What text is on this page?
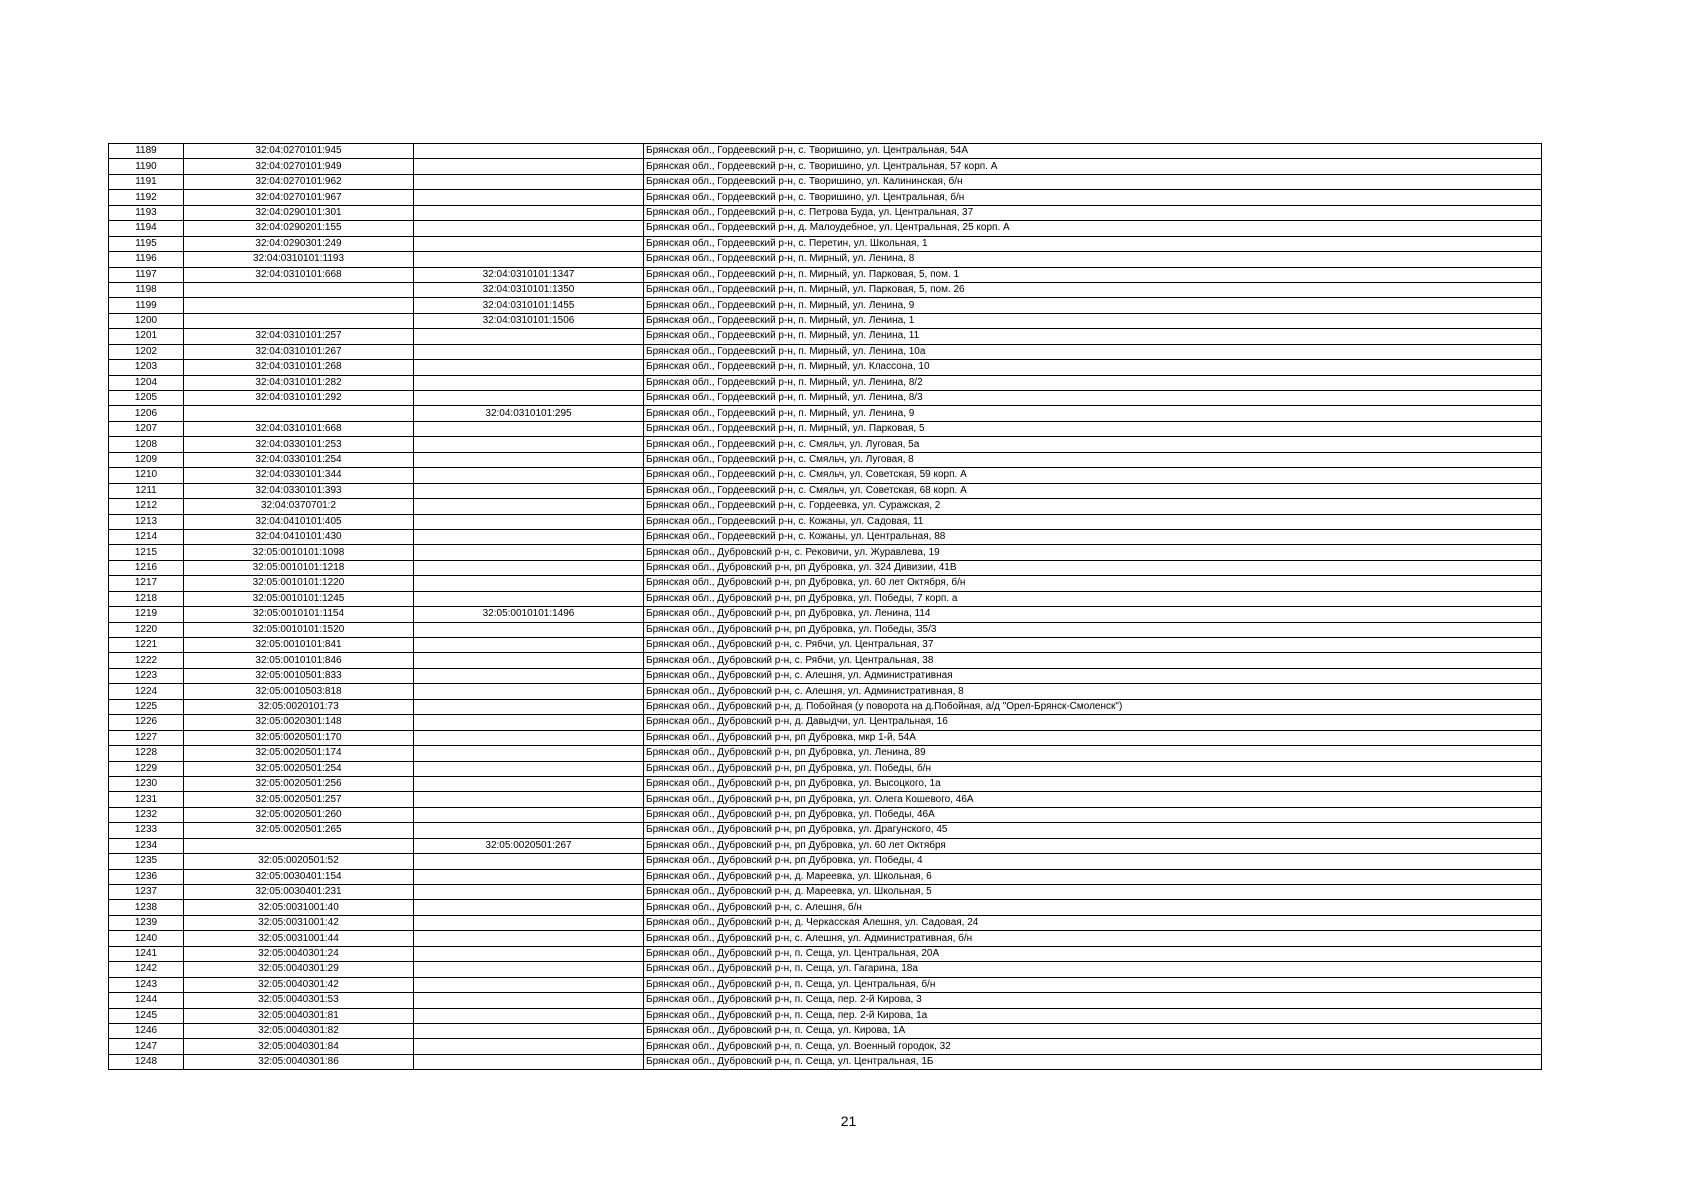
1189	32:04:0270101:945		Брянская обл., Гордеевский р-н, с. Творишино, ул. Центральная, 54А
1190	32:04:0270101:949		Брянская обл., Гордеевский р-н, с. Творишино, ул. Центральная, 57 корп. А
1191	32:04:0270101:962		Брянская обл., Гордеевский р-н, с. Творишино, ул. Калининская, б/н
1192	32:04:0270101:967		Брянская обл., Гордеевский р-н, с. Творишино, ул. Центральная, б/н
1193	32:04:0290101:301		Брянская обл., Гордеевский р-н, с. Петрова Буда, ул. Центральная, 37
1194	32:04:0290201:155		Брянская обл., Гордеевский р-н, д. Малоудебное, ул. Центральная, 25 корп. А
1195	32:04:0290301:249		Брянская обл., Гордеевский р-н, с. Перетин, ул. Школьная, 1
1196	32:04:0310101:1193		Брянская обл., Гордеевский р-н, п. Мирный, ул. Ленина, 8
1197	32:04:0310101:668	32:04:0310101:1347	Брянская обл., Гордеевский р-н, п. Мирный, ул. Парковая, 5, пом. 1
1198		32:04:0310101:1350	Брянская обл., Гордеевский р-н, п. Мирный, ул. Парковая, 5, пом. 26
1199		32:04:0310101:1455	Брянская обл., Гордеевский р-н, п. Мирный, ул. Ленина, 9
1200		32:04:0310101:1506	Брянская обл., Гордеевский р-н, п. Мирный, ул. Ленина, 1
1201	32:04:0310101:257		Брянская обл., Гордеевский р-н, п. Мирный, ул. Ленина, 11
1202	32:04:0310101:267		Брянская обл., Гордеевский р-н, п. Мирный, ул. Ленина, 10а
1203	32:04:0310101:268		Брянская обл., Гордеевский р-н, п. Мирный, ул. Классона, 10
1204	32:04:0310101:282		Брянская обл., Гордеевский р-н, п. Мирный, ул. Ленина, 8/2
1205	32:04:0310101:292		Брянская обл., Гордеевский р-н, п. Мирный, ул. Ленина, 8/3
1206		32:04:0310101:295	Брянская обл., Гордеевский р-н, п. Мирный, ул. Ленина, 9
1207	32:04:0310101:668		Брянская обл., Гордеевский р-н, п. Мирный, ул. Парковая, 5
1208	32:04:0330101:253		Брянская обл., Гордеевский р-н, с. Смяльч, ул. Луговая, 5а
1209	32:04:0330101:254		Брянская обл., Гордеевский р-н, с. Смяльч, ул. Луговая, 8
1210	32:04:0330101:344		Брянская обл., Гордеевский р-н, с. Смяльч, ул. Советская, 59 корп. А
1211	32:04:0330101:393		Брянская обл., Гордеевский р-н, с. Смяльч, ул. Советская, 68 корп. А
1212	32:04:0370701:2		Брянская обл., Гордеевский р-н, с. Гордеевка, ул. Суражская, 2
1213	32:04:0410101:405		Брянская обл., Гордеевский р-н, с. Кожаны, ул. Садовая, 11
1214	32:04:0410101:430		Брянская обл., Гордеевский р-н, с. Кожаны, ул. Центральная, 88
1215	32:05:0010101:1098		Брянская обл., Дубровский р-н, с. Рековичи, ул. Журавлева, 19
1216	32:05:0010101:1218		Брянская обл., Дубровский р-н, рп Дубровка, ул. 324 Дивизии, 41В
1217	32:05:0010101:1220		Брянская обл., Дубровский р-н, рп Дубровка, ул. 60 лет Октября, б/н
1218	32:05:0010101:1245		Брянская обл., Дубровский р-н, рп Дубровка, ул. Победы, 7 корп. а
1219	32:05:0010101:1154	32:05:0010101:1496	Брянская обл., Дубровский р-н, рп Дубровка, ул. Ленина, 114
1220	32:05:0010101:1520		Брянская обл., Дубровский р-н, рп Дубровка, ул. Победы, 35/3
1221	32:05:0010101:841		Брянская обл., Дубровский р-н, с. Рябчи, ул. Центральная, 37
1222	32:05:0010101:846		Брянская обл., Дубровский р-н, с. Рябчи, ул. Центральная, 38
1223	32:05:0010501:833		Брянская обл., Дубровский р-н, с. Алешня, ул. Административная
1224	32:05:0010503:818		Брянская обл., Дубровский р-н, с. Алешня, ул. Административная, 8
1225	32:05:0020101:73		Брянская обл., Дубровский р-н, д. Побойная (у поворота на д.Побойная, а/д "Орел-Брянск-Смоленск")
1226	32:05:0020301:148		Брянская обл., Дубровский р-н, д. Давыдчи, ул. Центральная, 16
1227	32:05:0020501:170		Брянская обл., Дубровский р-н, рп Дубровка, мкр 1-й, 54А
1228	32:05:0020501:174		Брянская обл., Дубровский р-н, рп Дубровка, ул. Ленина, 89
1229	32:05:0020501:254		Брянская обл., Дубровский р-н, рп Дубровка, ул. Победы, б/н
1230	32:05:0020501:256		Брянская обл., Дубровский р-н, рп Дубровка, ул. Высоцкого, 1а
1231	32:05:0020501:257		Брянская обл., Дубровский р-н, рп Дубровка, ул. Олега Кошевого, 46А
1232	32:05:0020501:260		Брянская обл., Дубровский р-н, рп Дубровка, ул. Победы, 46А
1233	32:05:0020501:265		Брянская обл., Дубровский р-н, рп Дубровка, ул. Драгунского, 45
1234		32:05:0020501:267	Брянская обл., Дубровский р-н, рп Дубровка, ул. 60 лет Октября
1235	32:05:0020501:52		Брянская обл., Дубровский р-н, рп Дубровка, ул. Победы, 4
1236	32:05:0030401:154		Брянская обл., Дубровский р-н, д. Мареевка, ул. Школьная, 6
1237	32:05:0030401:231		Брянская обл., Дубровский р-н, д. Мареевка, ул. Школьная, 5
1238	32:05:0031001:40		Брянская обл., Дубровский р-н, с. Алешня, б/н
1239	32:05:0031001:42		Брянская обл., Дубровский р-н, д. Черкасская Алешня, ул. Садовая, 24
1240	32:05:0031001:44		Брянская обл., Дубровский р-н, с. Алешня, ул. Административная, б/н
1241	32:05:0040301:24		Брянская обл., Дубровский р-н, п. Сеща, ул. Центральная, 20А
1242	32:05:0040301:29		Брянская обл., Дубровский р-н, п. Сеща, ул. Гагарина, 18а
1243	32:05:0040301:42		Брянская обл., Дубровский р-н, п. Сеща, ул. Центральная, б/н
1244	32:05:0040301:53		Брянская обл., Дубровский р-н, п. Сеща, пер. 2-й Кирова, 3
1245	32:05:0040301:81		Брянская обл., Дубровский р-н, п. Сеща, пер. 2-й Кирова, 1а
1246	32:05:0040301:82		Брянская обл., Дубровский р-н, п. Сеща, ул. Кирова, 1А
1247	32:05:0040301:84		Брянская обл., Дубровский р-н, п. Сеща, ул. Военный городок, 32
1248	32:05:0040301:86		Брянская обл., Дубровский р-н, п. Сеща, ул. Центральная, 1Б
21
